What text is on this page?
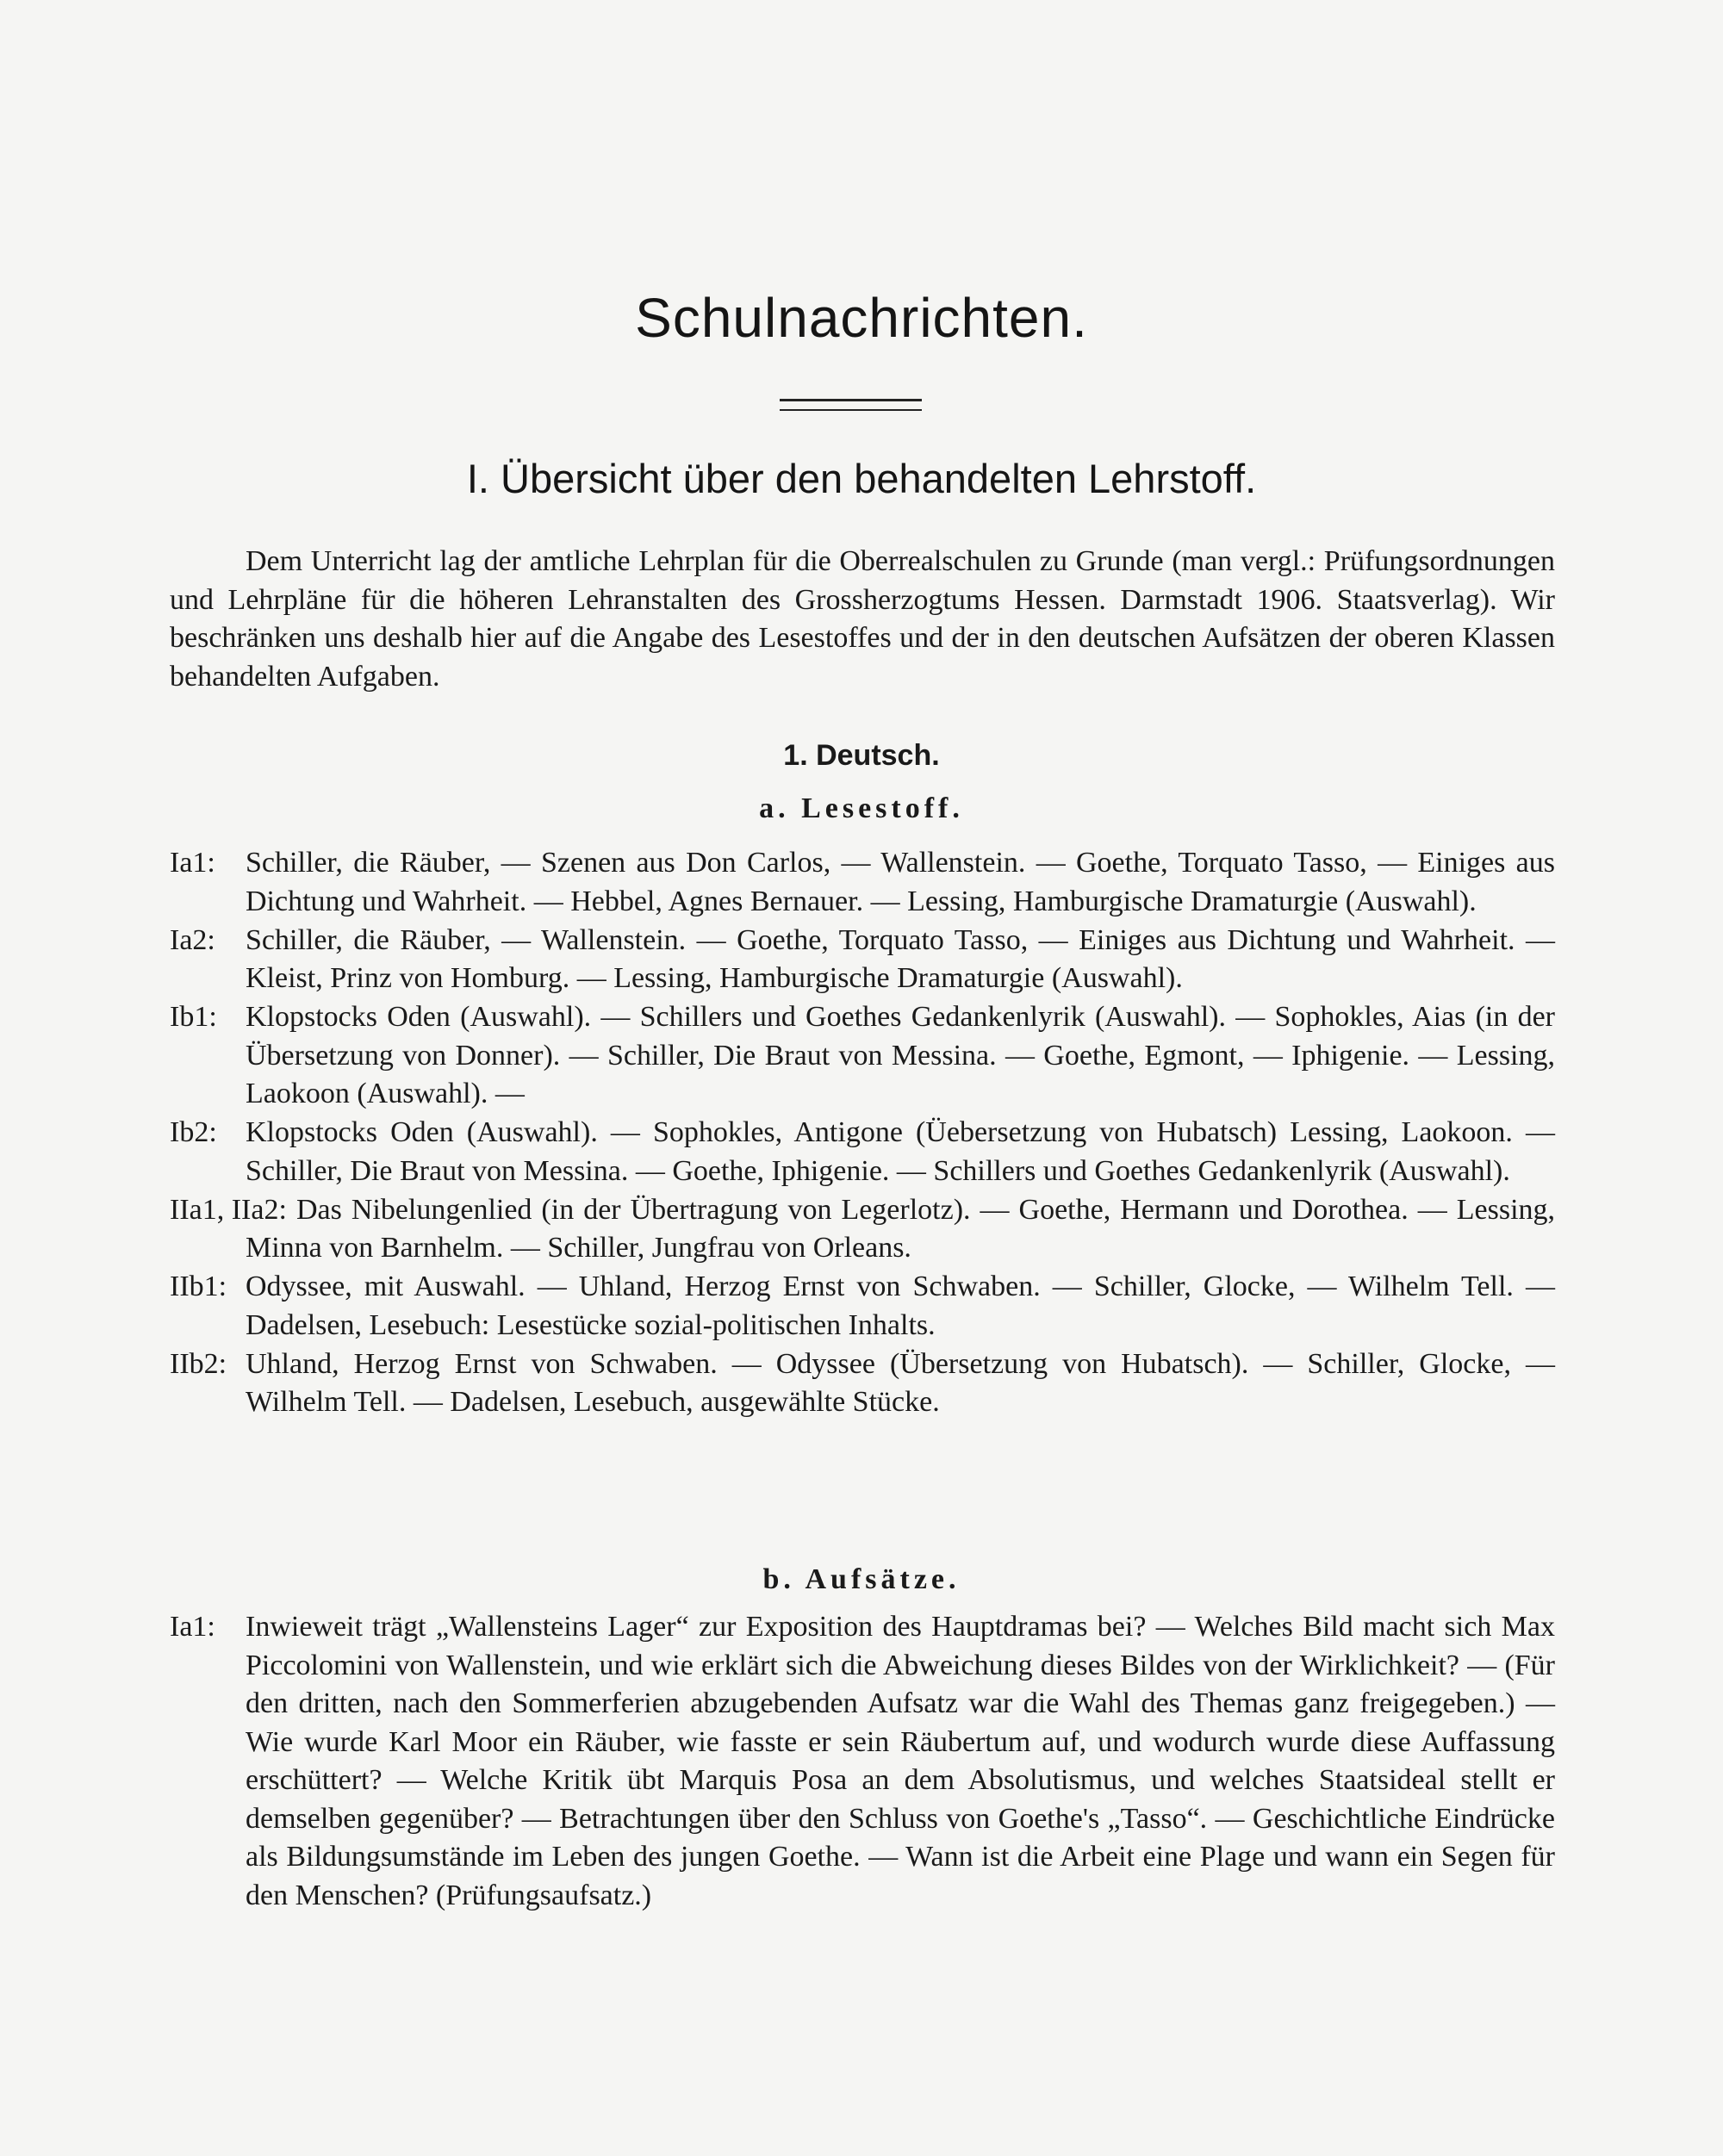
Schulnachrichten.
I. Übersicht über den behandelten Lehrstoff.

Dem Unterricht lag der amtliche Lehrplan für die Oberrealschulen zu Grunde (man vergl.: Prüfungsordnungen und Lehrpläne für die höheren Lehranstalten des Grossherzogtums Hessen. Darmstadt 1906. Staatsverlag). Wir beschränken uns deshalb hier auf die Angabe des Lesestoffes und der in den deutschen Aufsätzen der oberen Klassen behandelten Aufgaben.

1. Deutsch.
a. Lesestoff.
Ia1: Schiller, die Räuber, — Szenen aus Don Carlos, — Wallenstein. — Goethe, Torquato Tasso, — Einiges aus Dichtung und Wahrheit. — Hebbel, Agnes Bernauer. — Lessing, Hamburgische Dramaturgie (Auswahl).
Ia2: Schiller, die Räuber, — Wallenstein. — Goethe, Torquato Tasso, — Einiges aus Dichtung und Wahrheit. — Kleist, Prinz von Homburg. — Lessing, Hamburgische Dramaturgie (Auswahl).
Ib1: Klopstocks Oden (Auswahl). — Schillers und Goethes Gedankenlyrik (Auswahl). — Sophokles, Aias (in der Übersetzung von Donner). — Schiller, Die Braut von Messina. — Goethe, Egmont, — Iphigenie. — Lessing, Laokoon (Auswahl). —
Ib2: Klopstocks Oden (Auswahl). — Sophokles, Antigone (Üebersetzung von Hubatsch) Lessing, Laokoon. — Schiller, Die Braut von Messina. — Goethe, Iphigenie. — Schillers und Goethes Gedankenlyrik (Auswahl).
IIa1, IIa2: Das Nibelungenlied (in der Übertragung von Legerlotz). — Goethe, Hermann und Dorothea. — Lessing, Minna von Barnhelm. — Schiller, Jungfrau von Orleans.
IIb1: Odyssee, mit Auswahl. — Uhland, Herzog Ernst von Schwaben. — Schiller, Glocke, — Wilhelm Tell. — Dadelsen, Lesebuch: Lesestücke sozial-politischen Inhalts.
IIb2: Uhland, Herzog Ernst von Schwaben. — Odyssee (Übersetzung von Hubatsch). — Schiller, Glocke, — Wilhelm Tell. — Dadelsen, Lesebuch, ausgewählte Stücke.
b. Aufsätze.
Ia1: Inwieweit trägt „Wallensteins Lager“ zur Exposition des Hauptdramas bei? — Welches Bild macht sich Max Piccolomini von Wallenstein, und wie erklärt sich die Abweichung dieses Bildes von der Wirklichkeit? — (Für den dritten, nach den Sommerferien abzugebenden Aufsatz war die Wahl des Themas ganz freigegeben.) — Wie wurde Karl Moor ein Räuber, wie fasste er sein Räubertum auf, und wodurch wurde diese Auffassung erschüttert? — Welche Kritik übt Marquis Posa an dem Absolutismus, und welches Staatsideal stellt er demselben gegenüber? — Betrachtungen über den Schluss von Goethe's „Tasso“. — Geschichtliche Eindrücke als Bildungsumstände im Leben des jungen Goethe. — Wann ist die Arbeit eine Plage und wann ein Segen für den Menschen? (Prüfungsaufsatz.)
